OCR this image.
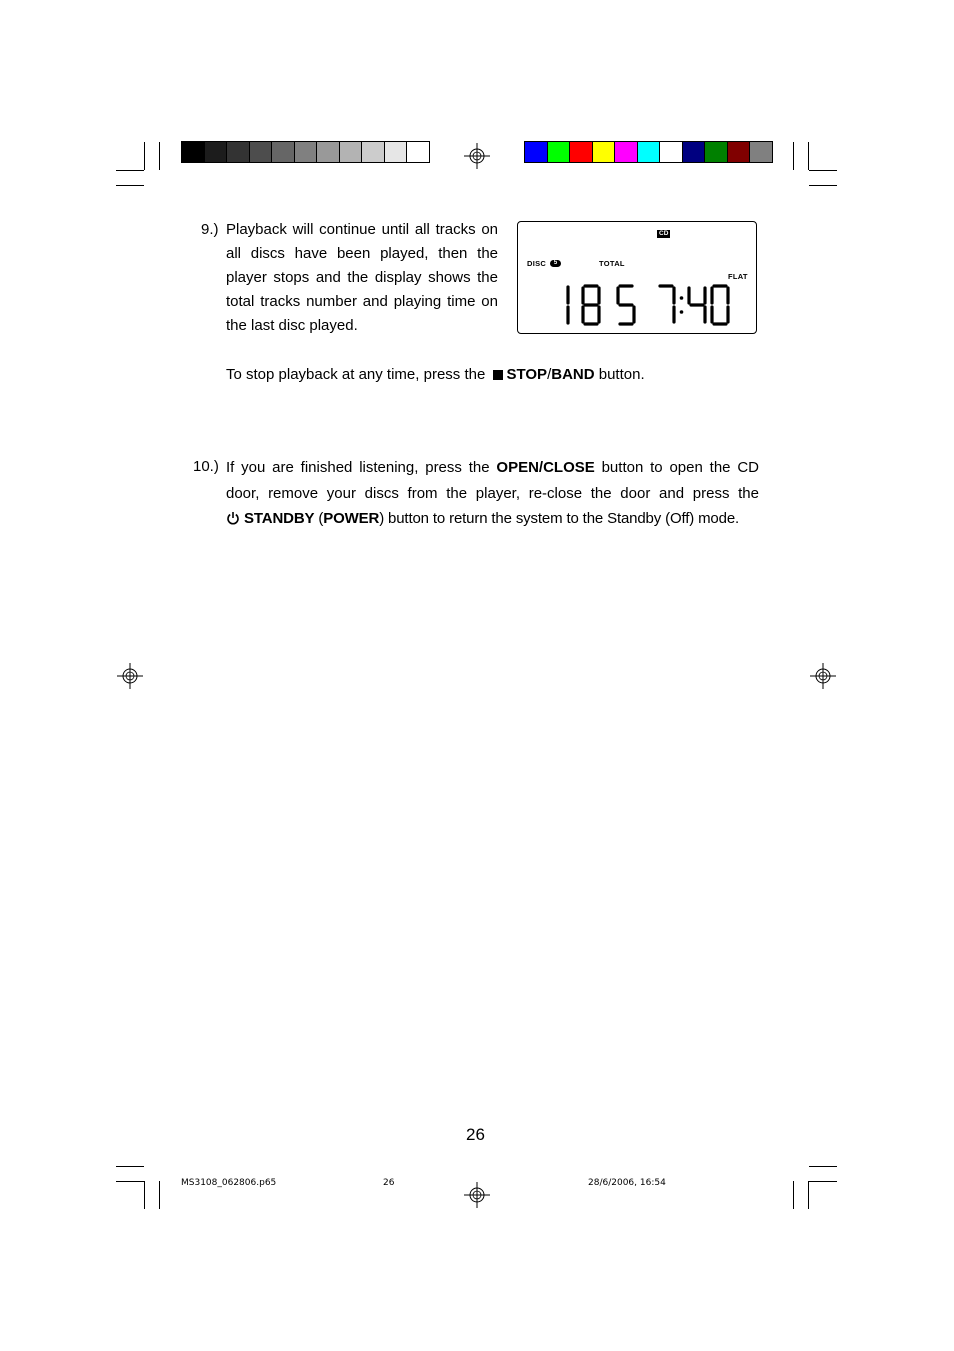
9.) Playback will continue until all tracks on
all discs have been played, then the
player stops and the display shows the
total tracks number and playing time on
the last disc played.
CD
DISC	5	TOTAL
FLAT
To stop playback at any time, press the STOP/BAND button.
10.) If you are finished listening, press the OPEN/CLOSE button to open the CD
door, remove your discs from the player, re-close the door and press the
STANDBY (POWER) button to return the system to the Standby (Off) mode.
26
MS3108_062806.p65	26	28/6/2006, 16:54
